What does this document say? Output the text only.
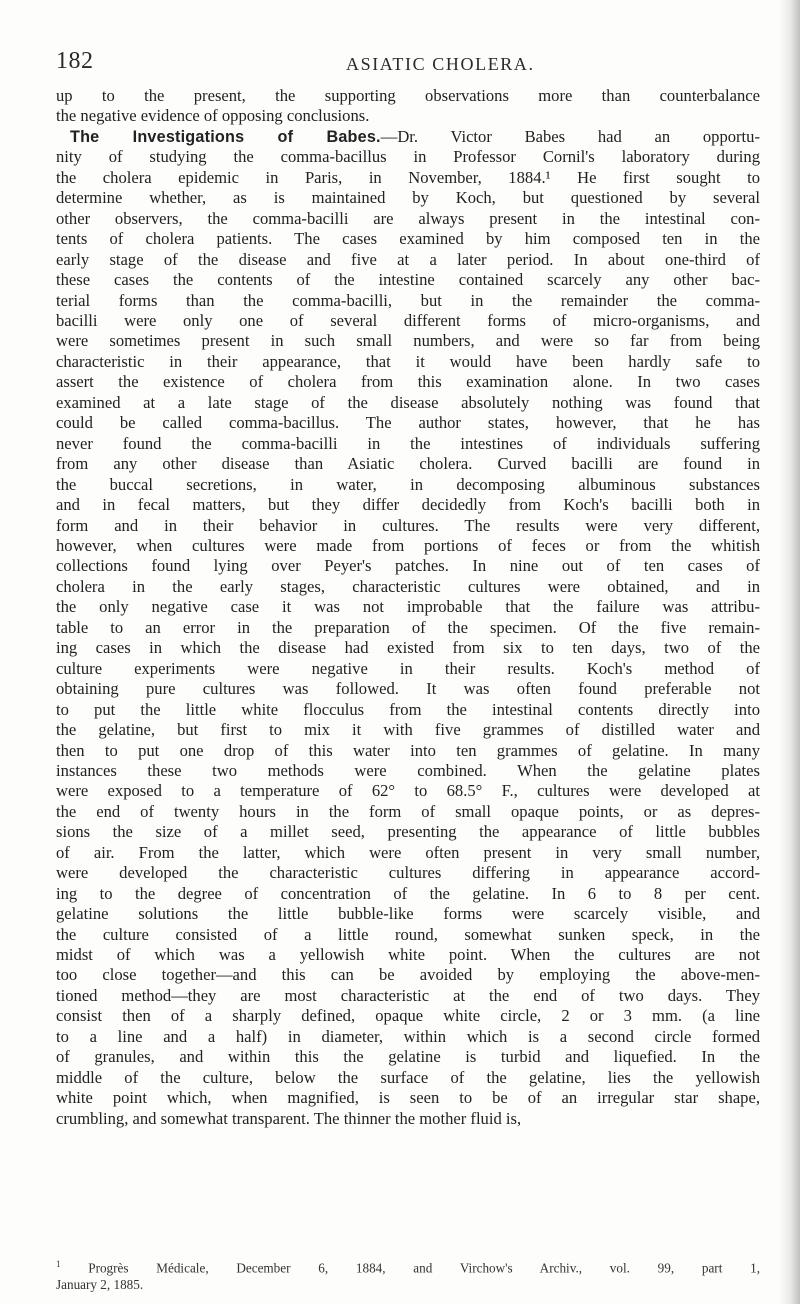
182	ASIATIC CHOLERA.
up to the present, the supporting observations more than counterbalance
the negative evidence of opposing conclusions.
The Investigations of Babes.—Dr. Victor Babes had an opportu-
nity of studying the comma-bacillus in Professor Cornil's laboratory during
the cholera epidemic in Paris, in November, 1884.¹ He first sought to
determine whether, as is maintained by Koch, but questioned by several
other observers, the comma-bacilli are always present in the intestinal con-
tents of cholera patients. The cases examined by him composed ten in the
early stage of the disease and five at a later period. In about one-third of
these cases the contents of the intestine contained scarcely any other bac-
terial forms than the comma-bacilli, but in the remainder the comma-
bacilli were only one of several different forms of micro-organisms, and
were sometimes present in such small numbers, and were so far from being
characteristic in their appearance, that it would have been hardly safe to
assert the existence of cholera from this examination alone. In two cases
examined at a late stage of the disease absolutely nothing was found that
could be called comma-bacillus. The author states, however, that he has
never found the comma-bacilli in the intestines of individuals suffering
from any other disease than Asiatic cholera. Curved bacilli are found in
the buccal secretions, in water, in decomposing albuminous substances
and in fecal matters, but they differ decidedly from Koch's bacilli both in
form and in their behavior in cultures. The results were very different,
however, when cultures were made from portions of feces or from the whitish
collections found lying over Peyer's patches. In nine out of ten cases of
cholera in the early stages, characteristic cultures were obtained, and in
the only negative case it was not improbable that the failure was attribu-
table to an error in the preparation of the specimen. Of the five remain-
ing cases in which the disease had existed from six to ten days, two of the
culture experiments were negative in their results. Koch's method of
obtaining pure cultures was followed. It was often found preferable not
to put the little white flocculus from the intestinal contents directly into
the gelatine, but first to mix it with five grammes of distilled water and
then to put one drop of this water into ten grammes of gelatine. In many
instances these two methods were combined. When the gelatine plates
were exposed to a temperature of 62° to 68.5° F., cultures were developed at
the end of twenty hours in the form of small opaque points, or as depres-
sions the size of a millet seed, presenting the appearance of little bubbles
of air. From the latter, which were often present in very small number,
were developed the characteristic cultures differing in appearance accord-
ing to the degree of concentration of the gelatine. In 6 to 8 per cent.
gelatine solutions the little bubble-like forms were scarcely visible, and
the culture consisted of a little round, somewhat sunken speck, in the
midst of which was a yellowish white point. When the cultures are not
too close together—and this can be avoided by employing the above-men-
tioned method—they are most characteristic at the end of two days. They
consist then of a sharply defined, opaque white circle, 2 or 3 mm. (a line
to a line and a half) in diameter, within which is a second circle formed
of granules, and within this the gelatine is turbid and liquefied. In the
middle of the culture, below the surface of the gelatine, lies the yellowish
white point which, when magnified, is seen to be of an irregular star shape,
crumbling, and somewhat transparent. The thinner the mother fluid is,
$^1$ Progrès Médicale, December 6, 1884, and Virchow's Archiv., vol. 99, part 1,
January 2, 1885.
